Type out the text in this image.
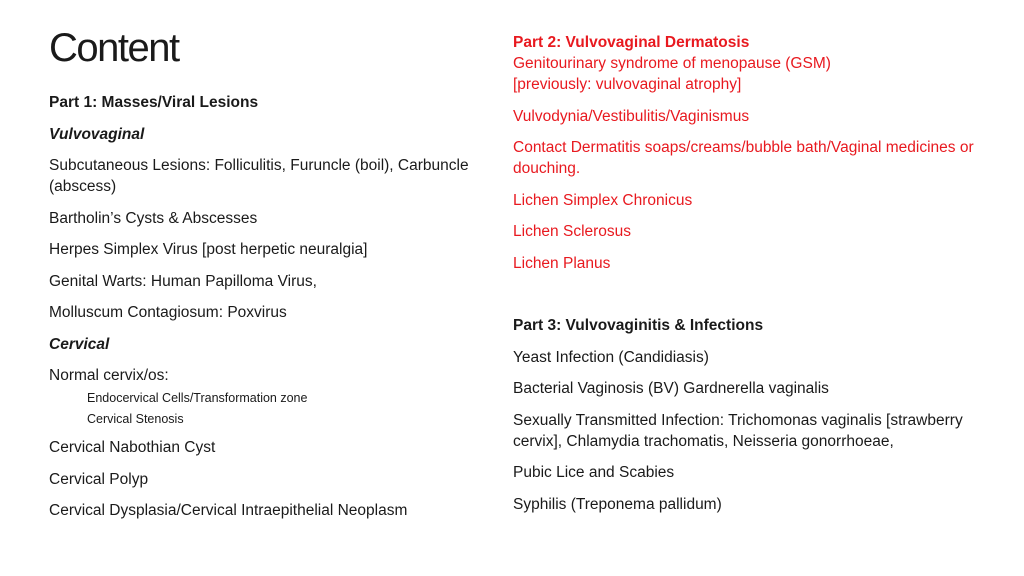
Content
Part 1: Masses/Viral Lesions
Vulvovaginal
Subcutaneous Lesions: Folliculitis, Furuncle (boil), Carbuncle (abscess)
Bartholin’s Cysts & Abscesses
Herpes Simplex Virus [post herpetic neuralgia]
Genital Warts: Human Papilloma Virus,
Molluscum Contagiosum: Poxvirus
Cervical
Normal cervix/os:
Endocervical Cells/Transformation zone
Cervical Stenosis
Cervical Nabothian Cyst
Cervical Polyp
Cervical Dysplasia/Cervical Intraepithelial Neoplasm
Part 2: Vulvovaginal Dermatosis
Genitourinary syndrome of menopause (GSM)
[previously: vulvovaginal atrophy]
Vulvodynia/Vestibulitis/Vaginismus
Contact Dermatitis soaps/creams/bubble bath/Vaginal medicines or douching.
Lichen Simplex Chronicus
Lichen Sclerosus
Lichen Planus
Part 3: Vulvovaginitis & Infections
Yeast Infection (Candidiasis)
Bacterial Vaginosis (BV) Gardnerella vaginalis
Sexually Transmitted Infection: Trichomonas vaginalis [strawberry cervix], Chlamydia trachomatis, Neisseria gonorrhoeae,
Pubic Lice and Scabies
Syphilis (Treponema pallidum)
